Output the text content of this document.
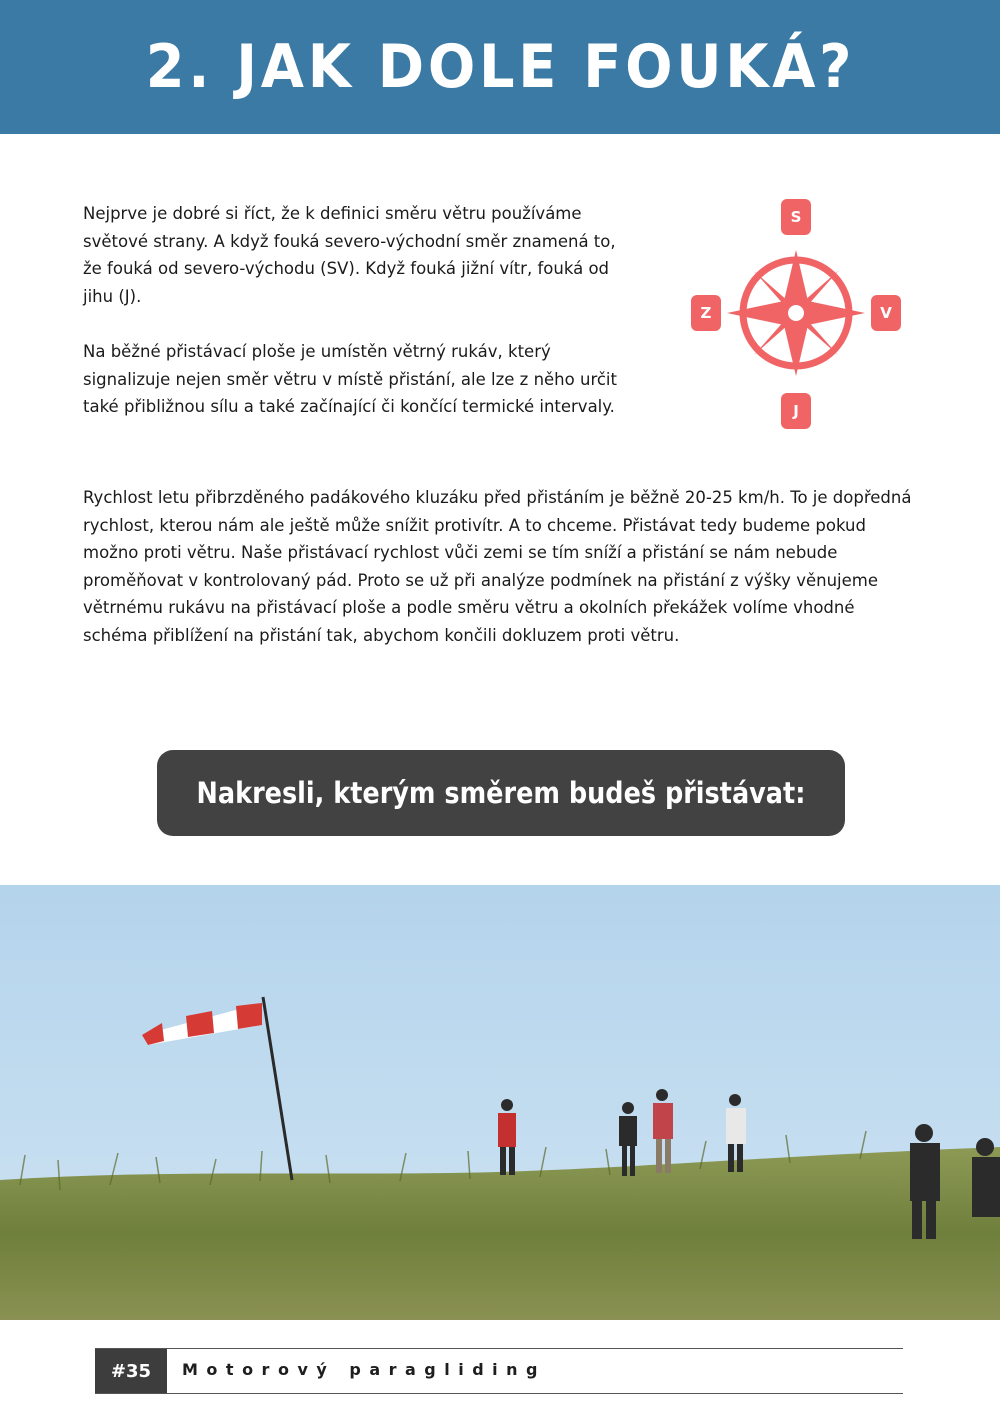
2. JAK DOLE FOUKÁ?

Nejprve je dobré si říct, že k definici směru větru používáme světové strany. A když fouká severo-východní směr znamená to, že fouká od severo-východu (SV). Když fouká jižní vítr, fouká od jihu (J).

Na běžné přistávací ploše je umístěn větrný rukáv, který signalizuje nejen směr větru v místě přistání, ale lze z něho určit také přibližnou sílu a také začínající či končící termické intervaly.

Rychlost letu přibrzděného padákového kluzáku před přistáním je běžně 20-25 km/h. To je dopředná rychlost, kterou nám ale ještě může snížit protivítr. A to chceme. Přistávat tedy budeme pokud možno proti větru. Naše přistávací rychlost vůči zemi se tím sníží a přistání se nám nebude proměňovat v kontrolovaný pád. Proto se už při analýze podmínek na přistání z výšky věnujeme větrnému rukávu na přistávací ploše a podle směru větru a okolních překážek volíme vhodné schéma přiblížení na přistání tak, abychom končili dokluzem proti větru.

S
J
Z	V
Nakresli, kterým směrem budeš přistávat:
#35	Motorový paragliding
